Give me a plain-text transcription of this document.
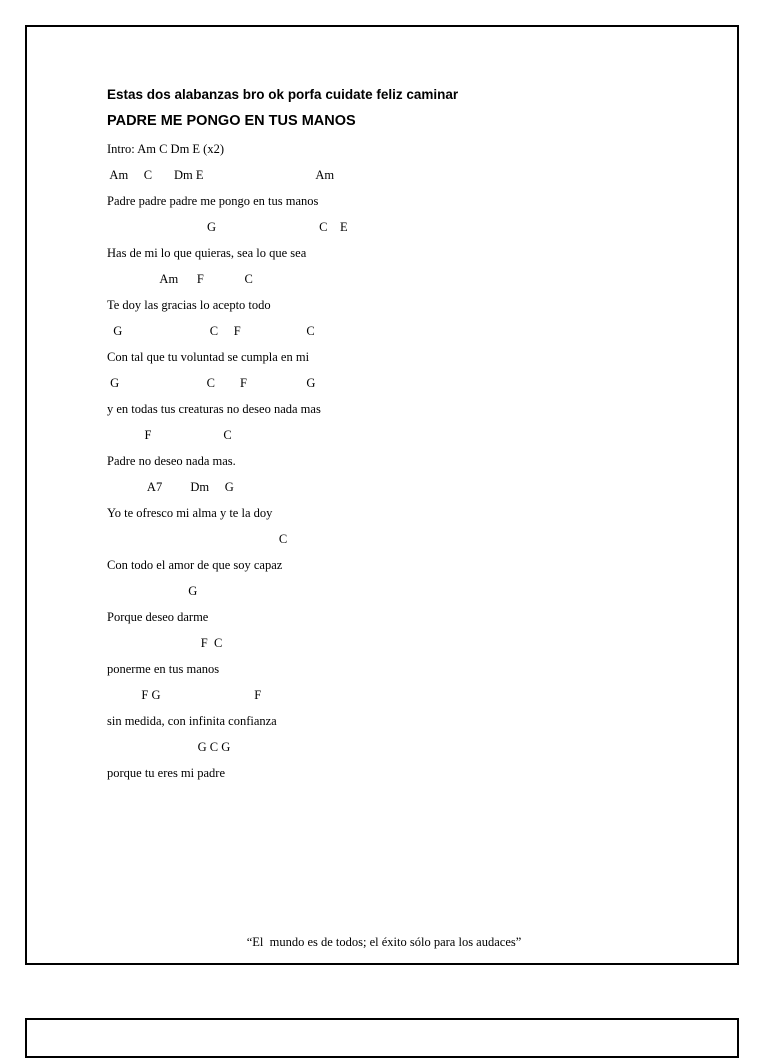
Estas dos alabanzas bro ok porfa cuidate feliz caminar
PADRE ME PONGO EN TUS MANOS
Intro: Am C Dm E (x2)
Am     C       Dm E                                    Am
Padre padre padre me pongo en tus manos
G                                 C    E
Has de mi lo que quieras, sea lo que sea
Am      F             C
Te doy las gracias lo acepto todo
G                            C     F                     C
Con tal que tu voluntad se cumpla en mi
G                            C        F                   G
y en todas tus creaturas no deseo nada mas
F                       C
Padre no deseo nada mas.
A7         Dm     G
Yo te ofresco mi alma y te la doy
C
Con todo el amor de que soy capaz
G
Porque deseo darme
F  C
ponerme en tus manos
F G                              F
sin medida, con infinita confianza
G C G
porque tu eres mi padre
“El  mundo es de todos; el éxito sólo para los audaces”
